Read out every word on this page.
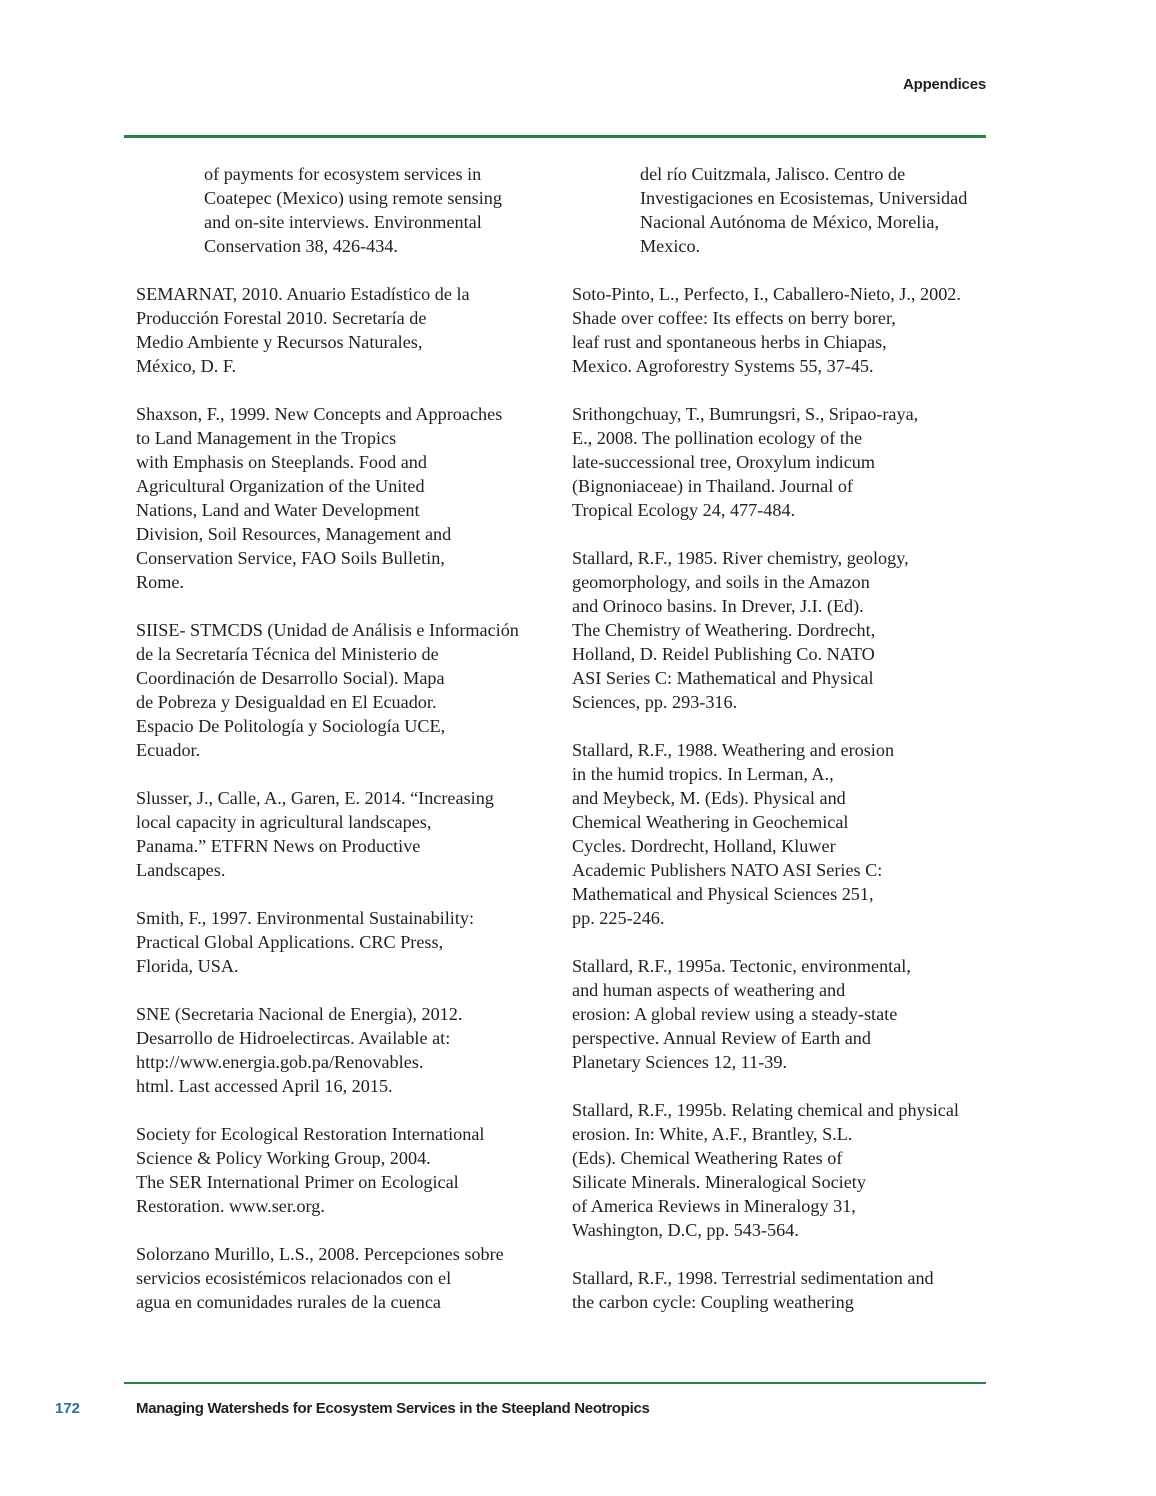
Appendices

of payments for ecosystem services in
Coatepec (Mexico) using remote sensing
and on-site interviews. Environmental
Conservation 38, 426-434.

SEMARNAT, 2010. Anuario Estadístico de la
Producción Forestal 2010. Secretaría de
Medio Ambiente y Recursos Naturales,
México, D. F.

Shaxson, F., 1999. New Concepts and Approaches
to Land Management in the Tropics
with Emphasis on Steeplands. Food and
Agricultural Organization of the United
Nations, Land and Water Development
Division, Soil Resources, Management and
Conservation Service, FAO Soils Bulletin,
Rome.

SIISE- STMCDS (Unidad de Análisis e Información
de la Secretaría Técnica del Ministerio de
Coordinación de Desarrollo Social). Mapa
de Pobreza y Desigualdad en El Ecuador.
Espacio De Politología y Sociología UCE,
Ecuador.

Slusser, J., Calle, A., Garen, E. 2014. “Increasing
local capacity in agricultural landscapes,
Panama.” ETFRN News on Productive
Landscapes.

Smith, F., 1997. Environmental Sustainability:
Practical Global Applications. CRC Press,
Florida, USA.

SNE (Secretaria Nacional de Energia), 2012.
Desarrollo de Hidroelectircas. Available at:
http://www.energia.gob.pa/Renovables.
html. Last accessed April 16, 2015.

Society for Ecological Restoration International
Science & Policy Working Group, 2004.
The SER International Primer on Ecological
Restoration. www.ser.org.

Solorzano Murillo, L.S., 2008. Percepciones sobre
servicios ecosistémicos relacionados con el
agua en comunidades rurales de la cuenca

del río Cuitzmala, Jalisco. Centro de
Investigaciones en Ecosistemas, Universidad
Nacional Autónoma de México, Morelia,
Mexico.

Soto-Pinto, L., Perfecto, I., Caballero-Nieto, J., 2002.
Shade over coffee: Its effects on berry borer,
leaf rust and spontaneous herbs in Chiapas,
Mexico. Agroforestry Systems 55, 37-45.

Srithongchuay, T., Bumrungsri, S., Sripao-raya,
E., 2008. The pollination ecology of the
late-successional tree, Oroxylum indicum
(Bignoniaceae) in Thailand. Journal of
Tropical Ecology 24, 477-484.

Stallard, R.F., 1985. River chemistry, geology,
geomorphology, and soils in the Amazon
and Orinoco basins. In Drever, J.I. (Ed).
The Chemistry of Weathering. Dordrecht,
Holland, D. Reidel Publishing Co. NATO
ASI Series C: Mathematical and Physical
Sciences, pp. 293-316.

Stallard, R.F., 1988. Weathering and erosion
in the humid tropics. In Lerman, A.,
and Meybeck, M. (Eds). Physical and
Chemical Weathering in Geochemical
Cycles. Dordrecht, Holland, Kluwer
Academic Publishers NATO ASI Series C:
Mathematical and Physical Sciences 251,
pp. 225-246.

Stallard, R.F., 1995a. Tectonic, environmental,
and human aspects of weathering and
erosion: A global review using a steady-state
perspective. Annual Review of Earth and
Planetary Sciences 12, 11-39.

Stallard, R.F., 1995b. Relating chemical and physical
erosion. In: White, A.F., Brantley, S.L.
(Eds). Chemical Weathering Rates of
Silicate Minerals. Mineralogical Society
of America Reviews in Mineralogy 31,
Washington, D.C, pp. 543-564.

Stallard, R.F., 1998. Terrestrial sedimentation and
the carbon cycle: Coupling weathering

172	Managing Watersheds for Ecosystem Services in the Steepland Neotropics
